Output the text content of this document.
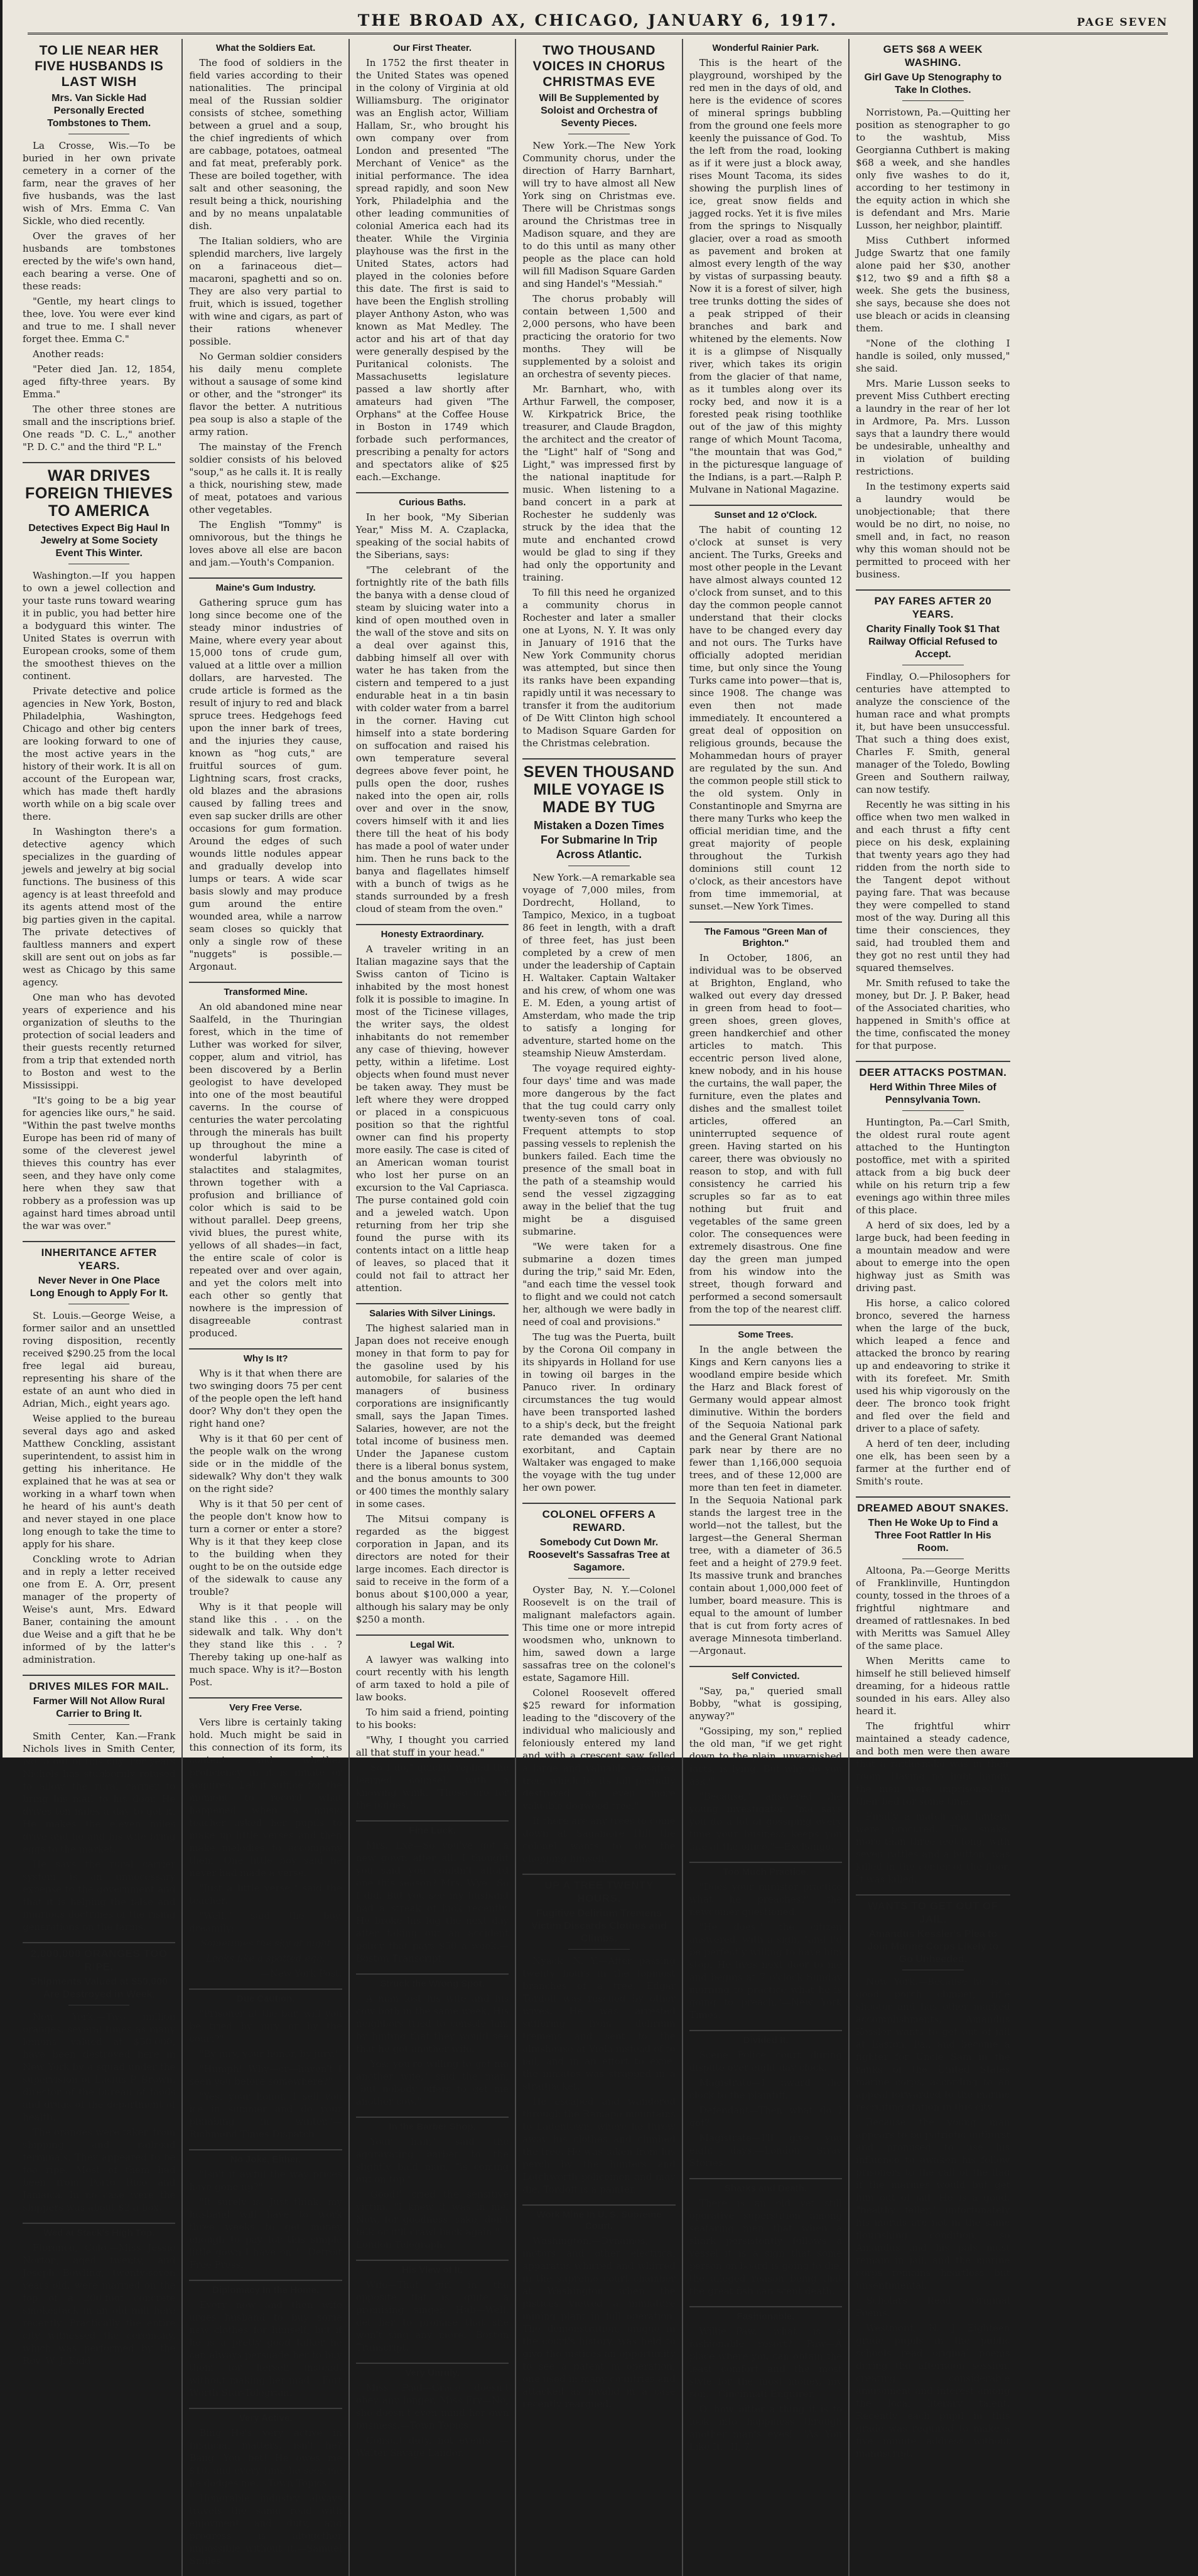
THE BROAD AX, CHICAGO, JANUARY 6, 1917.	PAGE SEVEN
TO LIE NEAR HER FIVE HUSBANDS IS LAST WISH
Mrs. Van Sickle Had Personally Erected Tombstones to Them.

La Crosse, Wis.—To be buried in her own private cemetery in a corner of the farm, near the graves of her five husbands, was the last wish of Mrs. Emma C. Van Sickle, who died recently.

Over the graves of her husbands are tombstones erected by the wife's own hand, each bearing a verse. One of these reads:

"Gentle, my heart clings to thee, love. You were ever kind and true to me. I shall never forget thee. Emma C."

Another reads:

"Peter died Jan. 12, 1854, aged fifty-three years. By Emma."

The other three stones are small and the inscriptions brief. One reads "D. C. L.," another "P. D. C." and the third "P. L."

WAR DRIVES FOREIGN THIEVES TO AMERICA
Detectives Expect Big Haul In Jewelry at Some Society Event This Winter.

Washington.—If you happen to own a jewel collection and your taste runs toward wearing it in public, you had better hire a bodyguard this winter. The United States is overrun with European crooks, some of them the smoothest thieves on the continent.

Private detective and police agencies in New York, Boston, Philadelphia, Washington, Chicago and other big centers are looking forward to one of the most active years in the history of their work. It is all on account of the European war, which has made theft hardly worth while on a big scale over there.

In Washington there's a detective agency which specializes in the guarding of jewels and jewelry at big social functions. The business of this agency is at least threefold and its agents attend most of the big parties given in the capital. The private detectives of faultless manners and expert skill are sent out on jobs as far west as Chicago by this same agency.

One man who has devoted years of experience and his organization of sleuths to the protection of social leaders and their guests recently returned from a trip that extended north to Boston and west to the Mississippi.

"It's going to be a big year for agencies like ours," he said. "Within the past twelve months Europe has been rid of many of some of the cleverest jewel thieves this country has ever seen, and they have only come here when they saw that robbery as a profession was up against hard times abroad until the war was over."

INHERITANCE AFTER YEARS.
Never Never in One Place Long Enough to Apply For It.

St. Louis.—George Weise, a former sailor and an unsettled roving disposition, recently received $290.25 from the local free legal aid bureau, representing his share of the estate of an aunt who died in Adrian, Mich., eight years ago.

Weise applied to the bureau several days ago and asked Matthew Conckling, assistant superintendent, to assist him in getting his inheritance. He explained that he was at sea or working in a wharf town when he heard of his aunt's death and never stayed in one place long enough to take the time to apply for his share.

Conckling wrote to Adrian and in reply a letter received one from E. A. Orr, present manager of the property of Weise's aunt, Mrs. Edward Baner, containing the amount due Weise and a gift that he be informed of by the latter's administration.

DRIVES MILES FOR MAIL.
Farmer Will Not Allow Rural Carrier to Bring It.

Smith Center, Kan.—Frank Nichols lives in Smith Center, No. 5 out of this city. For years Nichols has stubbornly refused to allow the rural carrier to bring his mail to his door. He drives ten miles a day to get it. He makes the eleven miles drive and he and his wife bring eggs to the market.

He says the rural carrier system is an unnecessary expense to the government and that it is helping the false and injurious doctrines of the rising generations on the farms.

2,000,000 ORANGES TOO RIPE.
Shipments Valued at $50,000 Are Destroyed in Week.

New York.—Two million oranges, several times as many lemons, valued at $50,000, have been destroyed here in New York by a squad under the supervision of Lucius P. Brown, director of the bureau of foods and drugs of the department of health.

The oranges were taken from shipping and railroad terminals. They appeared to be too ripe. Most of them had been from Porto Rico and Jamaica. In no case were the shippers was about $2 a box.

Wed at Stack's High Top.

Florence, Colo.—Miss Jessie Norton, aged twenty, and Joseph Bowling, twenty-seven years old, were married on the top of a 200-foot concrete smokestack in an old mill here recently. Practically the entire city witnessed the ceremony, which was performed by the Rev. W. J. Kidd.

What the Soldiers Eat.

The food of soldiers in the field varies according to their nationalities. The principal meal of the Russian soldier consists of stchee, something between a gruel and a soup, the chief ingredients of which are cabbage, potatoes, oatmeal and fat meat, preferably pork. These are boiled together, with salt and other seasoning, the result being a thick, nourishing and by no means unpalatable dish.

The Italian soldiers, who are splendid marchers, live largely on a farinaceous diet—macaroni, spaghetti and so on. They are also very partial to fruit, which is issued, together with wine and cigars, as part of their rations whenever possible.

No German soldier considers his daily menu complete without a sausage of some kind or other, and the "stronger" its flavor the better. A nutritious pea soup is also a staple of the army ration.

The mainstay of the French soldier consists of his beloved "soup," as he calls it. It is really a thick, nourishing stew, made of meat, potatoes and various other vegetables.

The English "Tommy" is omnivorous, but the things he loves above all else are bacon and jam.—Youth's Companion.

Maine's Gum Industry.

Gathering spruce gum has long since become one of the steady minor industries of Maine, where every year about 15,000 tons of crude gum, valued at a little over a million dollars, are harvested. The crude article is formed as the result of injury to red and black spruce trees. Hedgehogs feed upon the inner bark of trees, and the injuries they cause, known as "hog cuts," are fruitful sources of gum. Lightning scars, frost cracks, old blazes and the abrasions caused by falling trees and even sap sucker drills are other occasions for gum formation. Around the edges of such wounds little nodules appear and gradually develop into lumps or tears. A wide scar basis slowly and may produce gum around the entire wounded area, while a narrow seam closes so quickly that only a single row of these "nuggets" is possible.—Argonaut.

Transformed Mine.

An old abandoned mine near Saalfeld, in the Thuringian forest, which in the time of Luther was worked for silver, copper, alum and vitriol, has been discovered by a Berlin geologist to have developed into one of the most beautiful caverns. In the course of centuries the water percolating through the minerals has built up throughout the mine a wonderful labyrinth of stalactites and stalagmites, thrown together with a profusion and brilliance of color which is said to be without parallel. Deep greens, vivid blues, the purest white, yellows of all shades—in fact, the entire scale of color is repeated over and over again, and yet the colors melt into each other so gently that nowhere is the impression of disagreeable contrast produced.

Why Is It?

Why is it that when there are two swinging doors 75 per cent of the people open the left hand door? Why don't they open the right hand one?

Why is it that 60 per cent of the people walk on the wrong side or in the middle of the sidewalk? Why don't they walk on the right side?

Why is it that 50 per cent of the people don't know how to turn a corner or enter a store? Why is it that they keep close to the building when they ought to be on the outside edge of the sidewalk to cause any trouble?

Why is it that people will stand like this . . . on the sidewalk and talk. Why don't they stand like this . . ? Thereby taking up one-half as much space. Why is it?—Boston Post.

Very Free Verse.

Vers libre is certainly taking hold. Much might be said in this connection of its form, its content and whether proficiency in it is innate or acquired. Let it suffice for the moment to record what happened when a music teacher asked her pupils to make up little verses and then make melodies to accompany them. One little boy said he never had made a verse.

"Just a little verse," said the teacher.

"Well," said the boy, dreamily:

Sometimes the sky at night

Looks like a spotted egg.

—New York Post.

Due Caution.

"Prisoner at the bar, will you be tried by jury or by the court?"

"By jury, your honor, by jury."

"Humph! Why—er—haven't I seen you before somewhere?"

"Yes, your honor. I sell you ice in summer and do your plumbing in winter."—Richmond Times-Dispatch.

No Joke, Either.

"Isn't it awful the way prices have gone up?"

"It surely is. Just think, my husband will have to work three weeks to get money enough to pay for this simple little gown I have on."—Detroit Free Press.

Diplomacy In the Home.

Every now and then wife urges husband to buy some new clothes for himself, but if he is a pretty good talker he can always persuade her to buy them for herself instead, without making her mad.—Fort Worth Star-Telegram.

Very Active.

Bing—He's very active in financial matters, isn't he? Bang—You bet! He owes me $10, and every time he sees me he dodges me.—Town Topics.

Honorable industry always travels the same road with enjoyment and duty, and progress is altogether impossible without it.—Samuel Smiles.

Our First Theater.

In 1752 the first theater in the United States was opened in the colony of Virginia at old Williamsburg. The originator was an English actor, William Hallam, Sr., who brought his own company over from London and presented "The Merchant of Venice" as the initial performance. The idea spread rapidly, and soon New York, Philadelphia and the other leading communities of colonial America each had its theater. While the Virginia playhouse was the first in the United States, actors had played in the colonies before this date. The first is said to have been the English strolling player Anthony Aston, who was known as Mat Medley. The actor and his art of that day were generally despised by the Puritanical colonists. The Massachusetts legislature passed a law shortly after amateurs had given "The Orphans" at the Coffee House in Boston in 1749 which forbade such performances, prescribing a penalty for actors and spectators alike of $25 each.—Exchange.

Curious Baths.

In her book, "My Siberian Year," Miss M. A. Czaplacka, speaking of the social habits of the Siberians, says:

"The celebrant of the fortnightly rite of the bath fills the banya with a dense cloud of steam by sluicing water into a kind of open mouthed oven in the wall of the stove and sits on a deal over against this, dabbing himself all over with water he has taken from the cistern and tempered to a just endurable heat in a tin basin with colder water from a barrel in the corner. Having cut himself into a state bordering on suffocation and raised his own temperature several degrees above fever point, he pulls open the door, rushes naked into the open air, rolls over and over in the snow, covers himself with it and lies there till the heat of his body has made a pool of water under him. Then he runs back to the banya and flagellates himself with a bunch of twigs as he stands surrounded by a fresh cloud of steam from the oven."

Honesty Extraordinary.

A traveler writing in an Italian magazine says that the Swiss canton of Ticino is inhabited by the most honest folk it is possible to imagine. In most of the Ticinese villages, the writer says, the oldest inhabitants do not remember any case of thieving, however petty, within a lifetime. Lost objects when found must never be taken away. They must be left where they were dropped or placed in a conspicuous position so that the rightful owner can find his property more easily. The case is cited of an American woman tourist who lost her purse on an excursion to the Val Capriasca. The purse contained gold coin and a jeweled watch. Upon returning from her trip she found the purse with its contents intact on a little heap of leaves, so placed that it could not fail to attract her attention.

Salaries With Silver Linings.

The highest salaried man in Japan does not receive enough money in that form to pay for the gasoline used by his automobile, for salaries of the managers of business corporations are insignificantly small, says the Japan Times. Salaries, however, are not the total income of business men. Under the Japanese custom there is a liberal bonus system, and the bonus amounts to 300 or 400 times the monthly salary in some cases.

The Mitsui company is regarded as the biggest corporation in Japan, and its directors are noted for their large incomes. Each director is said to receive in the form of a bonus about $100,000 a year, although his salary may be only $250 a month.

Legal Wit.

A lawyer was walking into court recently with his length of arm taxed to hold a pile of law books.

To him said a friend, pointing to his books:

"Why, I thought you carried all that stuff in your head."

"So I do," quickly replied the learned counsel, with a knowing wink. "These are for the judges."

Fine Luck.

Mrs. Exe—So you've got a new gown after all. I thought you said you couldn't afford one this season? Mrs. Wye—So I did. But you see my husband had a streak of luck recently. He broke his leg the next day after taking out an accident policy that pays $50 a week.—Boston Transcript.

Struck the Wrong Spot.

A man lost his wife and his cow both in the same week. His neighbors tried to console him by hinting that they would see that he got another wife.

"Yes; you're willing to get me another wife," said the man, "but nobody offers to get me another cow."

In the Barber Shop.

"Your hair," said the aggravating barber to the slightly bald man, "is coming out on top."

"Good!" cried the sensitive victim. "I knew it was in me. Now, for goodness' sake, don't talk or it'll crawl back again."—London Telegraph.

His View of It.

Wife—That girl in the opposite flat is quite a promising singer. Hub—Well, get her to promise that she won't sing any more.—Boston Transcript.

Very Unruly.

Miss Paul—Grace doesn't obey any longer. Miss Fry—No; she doesn't even mind her own business.—Town Topics.

Consult duty, not events. — Walter Savage Landor.

TWO THOUSAND VOICES IN CHORUS CHRISTMAS EVE
Will Be Supplemented by Soloist and Orchestra of Seventy Pieces.

New York.—The New York Community chorus, under the direction of Harry Barnhart, will try to have almost all New York sing on Christmas eve. There will be Christmas songs around the Christmas tree in Madison square, and they are to do this until as many other people as the place can hold will fill Madison Square Garden and sing Handel's "Messiah."

The chorus probably will contain between 1,500 and 2,000 persons, who have been practicing the oratorio for two months. They will be supplemented by a soloist and an orchestra of seventy pieces.

Mr. Barnhart, who, with Arthur Farwell, the composer, W. Kirkpatrick Brice, the treasurer, and Claude Bragdon, the architect and the creator of the "Light" half of "Song and Light," was impressed first by the national inaptitude for music. When listening to a band concert in a park at Rochester he suddenly was struck by the idea that the mute and enchanted crowd would be glad to sing if they had only the opportunity and training.

To fill this need he organized a community chorus in Rochester and later a smaller one at Lyons, N. Y. It was only in January of 1916 that the New York Community chorus was attempted, but since then its ranks have been expanding rapidly until it was necessary to transfer it from the auditorium of De Witt Clinton high school to Madison Square Garden for the Christmas celebration.

SEVEN THOUSAND MILE VOYAGE IS MADE BY TUG
Mistaken a Dozen Times For Submarine In Trip Across Atlantic.

New York.—A remarkable sea voyage of 7,000 miles, from Dordrecht, Holland, to Tampico, Mexico, in a tugboat 86 feet in length, with a draft of three feet, has just been completed by a crew of men under the leadership of Captain H. Waltaker. Captain Waltaker and his crew, of whom one was E. M. Eden, a young artist of Amsterdam, who made the trip to satisfy a longing for adventure, started home on the steamship Nieuw Amsterdam.

The voyage required eighty-four days' time and was made more dangerous by the fact that the tug could carry only twenty-seven tons of coal. Frequent attempts to stop passing vessels to replenish the bunkers failed. Each time the presence of the small boat in the path of a steamship would send the vessel zigzagging away in the belief that the tug might be a disguised submarine.

"We were taken for a submarine a dozen times during the trip," said Mr. Eden, "and each time the vessel took to flight and we could not catch her, although we were badly in need of coal and provisions."

The tug was the Puerta, built by the Corona Oil company in its shipyards in Holland for use in towing oil barges in the Panuco river. In ordinary circumstances the tug would have been transported lashed to a ship's deck, but the freight rate demanded was deemed exorbitant, and Captain Waltaker was engaged to make the voyage with the tug under her own power.

COLONEL OFFERS A REWARD.
Somebody Cut Down Mr. Roosevelt's Sassafras Tree at Sagamore.

Oyster Bay, N. Y.—Colonel Roosevelt is on the trail of malignant malefactors again. This time one or more intrepid woodsmen who, unknown to him, sawed down a large sassafras tree on the colonel's estate, Sagamore Hill.

Colonel Roosevelt offered $25 reward for information leading to the "discovery of the individual who maliciously and feloniously entered my land and with a crescent saw felled a large and valuable sassafras tree, which by its fall partially destroyed an even more valuable dogwood tree."

If there are any trees to come down at Sagamore Hill the colonel wants to do the chopping himself.

UP A TREE TWENTY HOURS.
Fugitive Delirium Tremens Victim Discards Clothes and Climbs.

Nyack, N. Y.—After passing twenty hours in the topmost branches of a tree, Edgar Tordoff was rescued by other wives. He was arrested suffering from delirium tremens and sent to the almshouse at Viola instead of to jail, and in an effort to expel the inmates was strapped in a straitjacket.

He escaped and wandered through the Ramapo mountains to Ladentown, where he threw away his clothes and climbed the tree. He was taken from his perch by the hunters and Letchworth policemen and may die. Tordoff is a painter.

Work Mine In U. S. Supreme Court.

Washington.—Dynamos, motors and other electrical apparatus whirred and whirred in the supreme court chamber at Washington when the justices viewed a miniature mining plant in full operation. The demonstration, unique in the court's history, was held to give the justices an opportunity to see a patent in operation, one used in many countries and attacked as invalid in a case recently reargued.

Wonderful Rainier Park.

This is the heart of the playground, worshiped by the red men in the days of old, and here is the evidence of scores of mineral springs bubbling from the ground one feels more keenly the puissance of God. To the left from the road, looking as if it were just a block away, rises Mount Tacoma, its sides showing the purplish lines of ice, great snow fields and jagged rocks. Yet it is five miles from the springs to Nisqually glacier, over a road as smooth as pavement and broken at almost every length of the way by vistas of surpassing beauty. Now it is a forest of silver, high tree trunks dotting the sides of a peak stripped of their branches and bark and whitened by the elements. Now it is a glimpse of Nisqually river, which takes its origin from the glacier of that name, as it tumbles along over its rocky bed, and now it is a forested peak rising toothlike out of the jaw of this mighty range of which Mount Tacoma, "the mountain that was God," in the picturesque language of the Indians, is a part.—Ralph P. Mulvane in National Magazine.

Sunset and 12 o'Clock.

The habit of counting 12 o'clock at sunset is very ancient. The Turks, Greeks and most other people in the Levant have almost always counted 12 o'clock from sunset, and to this day the common people cannot understand that their clocks have to be changed every day and not ours. The Turks have officially adopted meridian time, but only since the Young Turks came into power—that is, since 1908. The change was even then not made immediately. It encountered a great deal of opposition on religious grounds, because the Mohammedan hours of prayer are regulated by the sun. And the common people still stick to the old system. Only in Constantinople and Smyrna are there many Turks who keep the official meridian time, and the great majority of people throughout the Turkish dominions still count 12 o'clock, as their ancestors have from time immemorial, at sunset.—New York Times.

The Famous "Green Man of Brighton."

In October, 1806, an individual was to be observed at Brighton, England, who walked out every day dressed in green from head to foot—green shoes, green gloves, green handkerchief and other articles to match. This eccentric person lived alone, knew nobody, and in his house the curtains, the wall paper, the furniture, even the plates and dishes and the smallest toilet articles, offered an uninterrupted sequence of green. Having started on his career, there was obviously no reason to stop, and with full consistency he carried his scruples so far as to eat nothing but fruit and vegetables of the same green color. The consequences were extremely disastrous. One fine day the green man jumped from his window into the street, though forward and performed a second somersault from the top of the nearest cliff.

Some Trees.

In the angle between the Kings and Kern canyons lies a woodland empire beside which the Harz and Black forest of Germany would appear almost diminutive. Within the borders of the Sequoia National park and the General Grant National park near by there are no fewer than 1,166,000 sequoia trees, and of these 12,000 are more than ten feet in diameter. In the Sequoia National park stands the largest tree in the world—not the tallest, but the largest—the General Sherman tree, with a diameter of 36.5 feet and a height of 279.9 feet. Its massive trunk and branches contain about 1,000,000 feet of lumber, board measure. This is equal to the amount of lumber that is cut from forty acres of average Minnesota timberland.—Argonaut.

Self Convicted.

"Say, pa," queried small Bobby, "what is gossiping, anyway?"

"Gossiping, my son," replied the old man, "if we get right down to the plain, unvarnished facts, is lying. But why do you ask?"

"Because," answered the young investigator, "ma says you do a lot of gossiping every time your business keeps you late at the office."—Exchange.

Too Much Practice.

"Does your minister practice what he preaches?" the newcomer questioned.

"He does," the citizen answered, with a sigh, "and I'd be perfectly willing to have him stop. He lives next door to me and begins at 7 o'clock Sunday morning to practice what he is going to preach."—New York Times.

Divided It.

Scene—Police court during dispute over eight day clock.

Magistrate—I award the clock to the plaintiff.

Defendant—Then what do I get?

Magistrate—I'll give you eight days.—London Stray Stories.

Sharks and Death.

There is an old yet still operative superstition among seafaring men that when a shark persistently follows a vessel it is a sign that some person on board is going to die, the alleged reason being that the great fish can scent death.

Fashionable.

Willie—Paw, what is a fashionable resort? Paw—A place where you can obtain the least comfort and the most style for the most money, my son.—Cincinnati Enquirer.

O, how bitter a thing it is to look into happiness through another man's eyes!—"As You Like It," II, 7.

GETS $68 A WEEK WASHING.
Girl Gave Up Stenography to Take In Clothes.

Norristown, Pa.—Quitting her position as stenographer to go to the washtub, Miss Georgianna Cuthbert is making $68 a week, and she handles only five washes to do it, according to her testimony in the equity action in which she is defendant and Mrs. Marie Lusson, her neighbor, plaintiff.

Miss Cuthbert informed Judge Swartz that one family alone paid her $30, another $12, two $9 and a fifth $8 a week. She gets the business, she says, because she does not use bleach or acids in cleansing them.

"None of the clothing I handle is soiled, only mussed," she said.

Mrs. Marie Lusson seeks to prevent Miss Cuthbert erecting a laundry in the rear of her lot in Ardmore, Pa. Mrs. Lusson says that a laundry there would be undesirable, unhealthy and in violation of building restrictions.

In the testimony experts said a laundry would be unobjectionable; that there would be no dirt, no noise, no smell and, in fact, no reason why this woman should not be permitted to proceed with her business.

PAY FARES AFTER 20 YEARS.
Charity Finally Took $1 That Railway Official Refused to Accept.

Findlay, O.—Philosophers for centuries have attempted to analyze the conscience of the human race and what prompts it, but have been unsuccessful. That such a thing does exist, Charles F. Smith, general manager of the Toledo, Bowling Green and Southern railway, can now testify.

Recently he was sitting in his office when two men walked in and each thrust a fifty cent piece on his desk, explaining that twenty years ago they had ridden from the north side to the Tangent depot without paying fare. That was because they were compelled to stand most of the way. During all this time their consciences, they said, had troubled them and they got no rest until they had squared themselves.

Mr. Smith refused to take the money, but Dr. J. P. Baker, head of the Associated charities, who happened in Smith's office at the time, confiscated the money for that purpose.

DEER ATTACKS POSTMAN.
Herd Within Three Miles of Pennsylvania Town.

Huntington, Pa.—Carl Smith, the oldest rural route agent attached to the Huntington postoffice, met with a spirited attack from a big buck deer while on his return trip a few evenings ago within three miles of this place.

A herd of six does, led by a large buck, had been feeding in a mountain meadow and were about to emerge into the open highway just as Smith was driving past.

His horse, a calico colored bronco, severed the harness when the large of the buck, which leaped a fence and attacked the bronco by rearing up and endeavoring to strike it with its forefeet. Mr. Smith used his whip vigorously on the deer. The bronco took fright and fled over the field and driver to a place of safety.

A herd of ten deer, including one elk, has been seen by a farmer at the further end of Smith's route.

DREAMED ABOUT SNAKES.
Then He Woke Up to Find a Three Foot Rattler In His Room.

Altoona, Pa.—George Meritts of Franklinville, Huntingdon county, tossed in the throes of a frightful nightmare and dreamed of rattlesnakes. In bed with Meritts was Samuel Alley of the same place.

When Meritts came to himself he still believed himself dreaming, for a hideous rattle sounded in his ears. Alley also heard it.

The frightful whirr maintained a steady cadence, and both men were then aware that a rattlesnake was in their room. Having no light handy, the men were imprisoned in their bed for some time.

Finally a match and lantern were procured. The snake, more than three feet long, with seven rattles and a button, was killed in the center of the floor. It was killed.

WANTS TO GET OUT OF JAIL.
Amandus Kessler's Plea to Join Marine Corps Likely to Go Unheeded.

New York.—Because he is a good porch climber, rifle shooter and has other marked accomplishments, Amandus Kessler wants to get out of jail at Easton, Pa., and become a fighter for Uncle Sam in the ranks of the United States marine corps, according to an appeal forwarded to the marine recruiting station in this city.

Because the young man appears to be patriotic outburst and promised to use his influence to awaken his fellow prisoners to the call of the flag if the marines would but get him out of jail. He is a good, "healthy feller," unfortunately his morals are not in the same flourishing condition, so Amandus and his pals must remain in jail, and the marine corps remains heartless but unsentimental.

Scholars Read Original Poems.

Westmont, N. J.—Eighteen grade pupils in the public schools read original poems during the afternoon session, creating considerable amusement and interest among the local literary talent. Recently each pupil in this grade was required to make a five minute address without manuscript.
